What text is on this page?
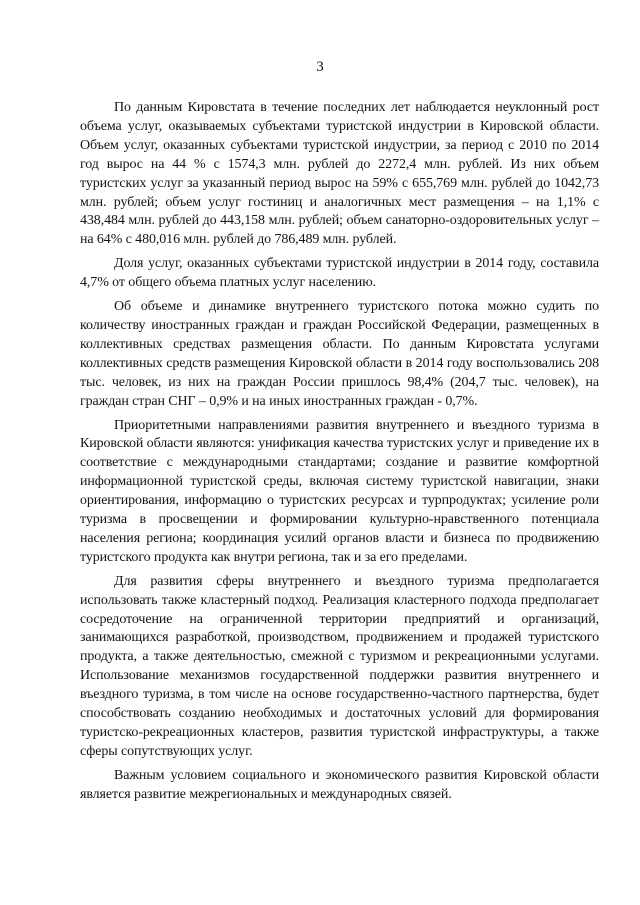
3

По данным Кировстата в течение последних лет наблюдается неуклонный рост объема услуг, оказываемых субъектами туристской индустрии в Кировской области. Объем услуг, оказанных субъектами туристской индустрии, за период с 2010 по 2014 год вырос на 44 % с 1574,3 млн. рублей до 2272,4 млн. рублей. Из них объем туристских услуг за указанный период вырос на 59% с 655,769 млн. рублей до 1042,73 млн. рублей; объем услуг гостиниц и аналогичных мест размещения – на 1,1% с 438,484 млн. рублей до 443,158 млн. рублей; объем санаторно-оздоровительных услуг – на 64% с 480,016 млн. рублей до 786,489 млн. рублей.

Доля услуг, оказанных субъектами туристской индустрии в 2014 году, составила 4,7% от общего объема платных услуг населению.

Об объеме и динамике внутреннего туристского потока можно судить по количеству иностранных граждан и граждан Российской Федерации, размещенных в коллективных средствах размещения области. По данным Кировстата услугами коллективных средств размещения Кировской области в 2014 году воспользовались 208 тыс. человек, из них на граждан России пришлось 98,4% (204,7 тыс. человек), на граждан стран СНГ – 0,9% и на иных иностранных граждан - 0,7%.

Приоритетными направлениями развития внутреннего и въездного туризма в Кировской области являются: унификация качества туристских услуг и приведение их в соответствие с международными стандартами; создание и развитие комфортной информационной туристской среды, включая систему туристской навигации, знаки ориентирования, информацию о туристских ресурсах и турпродуктах; усиление роли туризма в просвещении и формировании культурно-нравственного потенциала населения региона; координация усилий органов власти и бизнеса по продвижению туристского продукта как внутри региона, так и за его пределами.

Для развития сферы внутреннего и въездного туризма предполагается использовать также кластерный подход. Реализация кластерного подхода предполагает сосредоточение на ограниченной территории предприятий и организаций, занимающихся разработкой, производством, продвижением и продажей туристского продукта, а также деятельностью, смежной с туризмом и рекреационными услугами. Использование механизмов государственной поддержки развития внутреннего и въездного туризма, в том числе на основе государственно-частного партнерства, будет способствовать созданию необходимых и достаточных условий для формирования туристско-рекреационных кластеров, развития туристской инфраструктуры, а также сферы сопутствующих услуг.

Важным условием социального и экономического развития Кировской области является развитие межрегиональных и международных связей.
